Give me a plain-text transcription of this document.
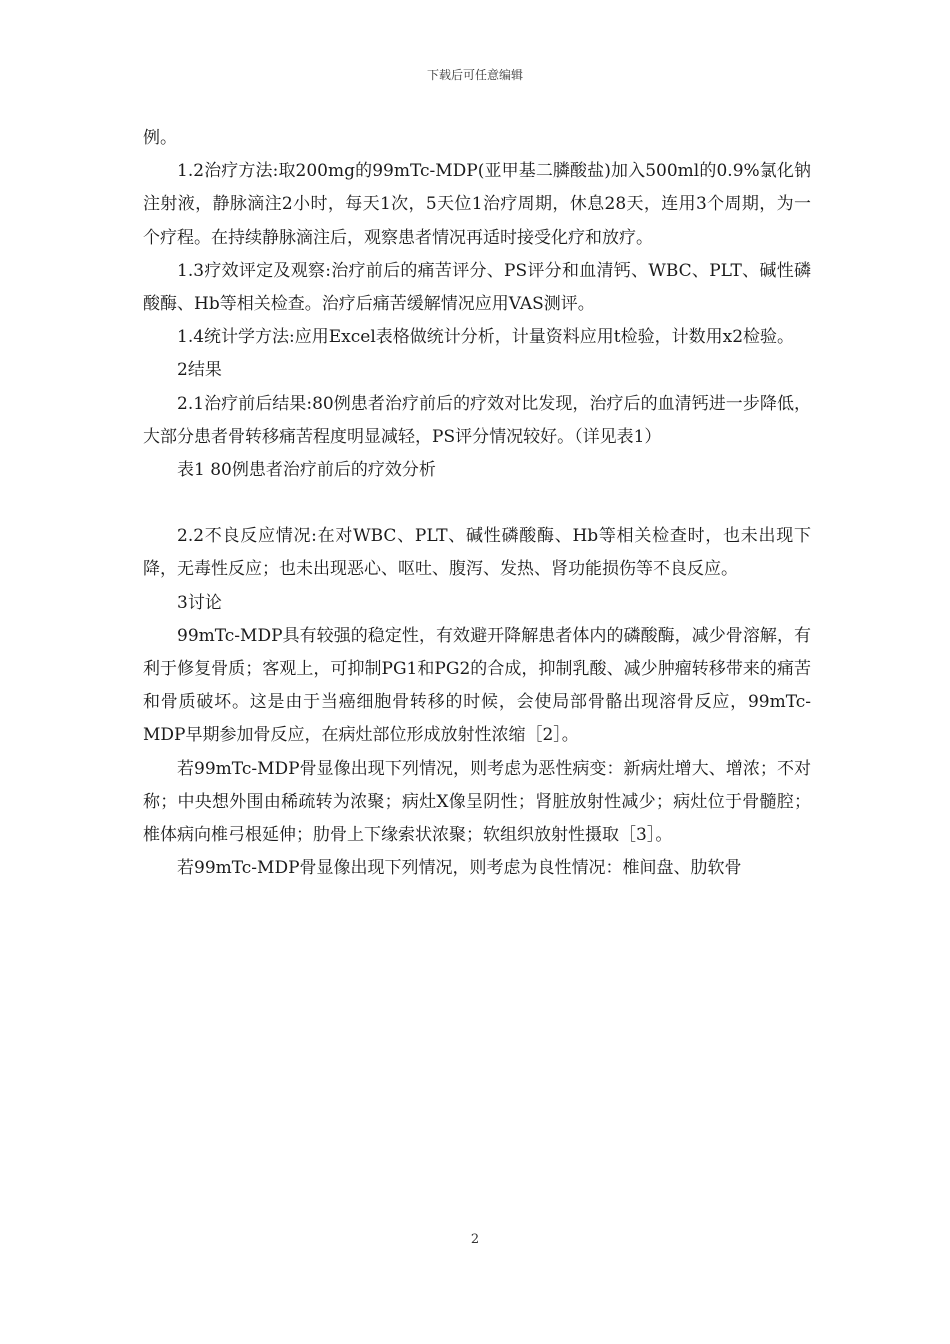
下载后可任意编辑

例。

1.2治疗方法:取200mg的99mTc-MDP(亚甲基二膦酸盐)加入500ml的0.9%氯化钠注射液，静脉滴注2小时，每天1次，5天位1治疗周期，休息28天，连用3个周期，为一个疗程。在持续静脉滴注后，观察患者情况再适时接受化疗和放疗。

1.3疗效评定及观察:治疗前后的痛苦评分、PS评分和血清钙、WBC、PLT、碱性磷酸酶、Hb等相关检查。治疗后痛苦缓解情况应用VAS测评。

1.4统计学方法:应用Excel表格做统计分析，计量资料应用t检验，计数用x2检验。

2结果

2.1治疗前后结果:80例患者治疗前后的疗效对比发现，治疗后的血清钙进一步降低，大部分患者骨转移痛苦程度明显减轻，PS评分情况较好。（详见表1）

表1 80例患者治疗前后的疗效分析

2.2不良反应情况:在对WBC、PLT、碱性磷酸酶、Hb等相关检查时，也未出现下降，无毒性反应；也未出现恶心、呕吐、腹泻、发热、肾功能损伤等不良反应。

3讨论

99mTc-MDP具有较强的稳定性，有效避开降解患者体内的磷酸酶，减少骨溶解，有利于修复骨质；客观上，可抑制PG1和PG2的合成，抑制乳酸、减少肿瘤转移带来的痛苦和骨质破坏。这是由于当癌细胞骨转移的时候，会使局部骨骼出现溶骨反应，99mTc-MDP早期参加骨反应，在病灶部位形成放射性浓缩［2］。

若99mTc-MDP骨显像出现下列情况，则考虑为恶性病变：新病灶增大、增浓；不对称；中央想外围由稀疏转为浓聚；病灶X像呈阴性；肾脏放射性减少；病灶位于骨髓腔；椎体病向椎弓根延伸；肋骨上下缘索状浓聚；软组织放射性摄取［3］。

若99mTc-MDP骨显像出现下列情况，则考虑为良性情况：椎间盘、肋软骨

2
